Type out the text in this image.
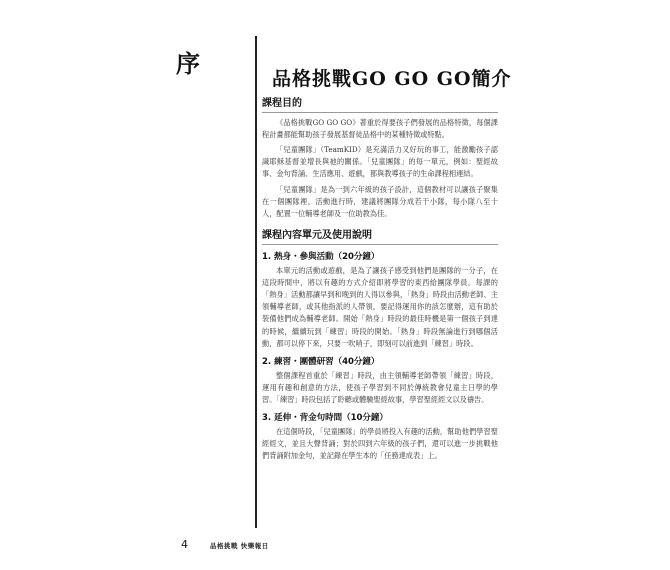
序
品格挑戰GO GO GO簡介
課程目的

《品格挑戰GO GO GO》著重於得要孩子們發展的品格特徵，每個課程計畫都能幫助孩子發展基督徒品格中的某種特徵或特點。

「兒童團隊」（TeamKID）是充滿活力又好玩的事工，能激勵孩子認識耶穌基督並增長與祂的關係。「兒童團隊」的每一單元，例如：聖經故事、金句背誦、生活應用、遊戲，都與教導孩子的生命課程相連結。

「兒童團隊」是為一到六年級的孩子設計，這個教材可以讓孩子聚集在一個團隊裡，活動進行時，建議將團隊分成若干小隊，每小隊八至十人，配置一位輔導老師及一位助教為佳。

課程內容單元及使用說明
1. 熱身・參與活動（20分鐘）

本單元的活動或遊戲，是為了讓孩子感受到他們是團隊的一分子，在這段時間中，將以有趣的方式介紹即將學習的東西給團隊學員。每課的「熱身」活動都讓早到和晚到的人得以參與，「熱身」時段由活動老師、主領輔導老師，或其他指派的人帶領，要記得運用你的該怎麼辦，這有助於裝備他們成為輔導老師。開始「熱身」時段的最佳時機是第一個孩子到達的時候，繼續玩到「練習」時段的開始。「熱身」時段無論進行到哪個活動，都可以停下來，只要一吹哨子，即刻可以前進到「練習」時段。

2. 練習・團體研習（40分鐘）

整個課程首重於「練習」時段，由主領輔導老師帶領「練習」時段，運用有趣和創意的方法，使孩子學習到不同於傳統教會兒童主日學的學習。「練習」時段包括了聆聽或體驗聖經故事，學習聖經經文以及禱告。

3. 延伸・背金句時間（10分鐘）

在這個時段，「兒童團隊」的學員將投入有趣的活動，幫助他們學習聖經經文，並且大聲背誦；對於四到六年級的孩子們，還可以進一步挑戰他們背誦附加金句，並記錄在學生本的「任務達成表」上。

4	品格挑戰 快樂報日
